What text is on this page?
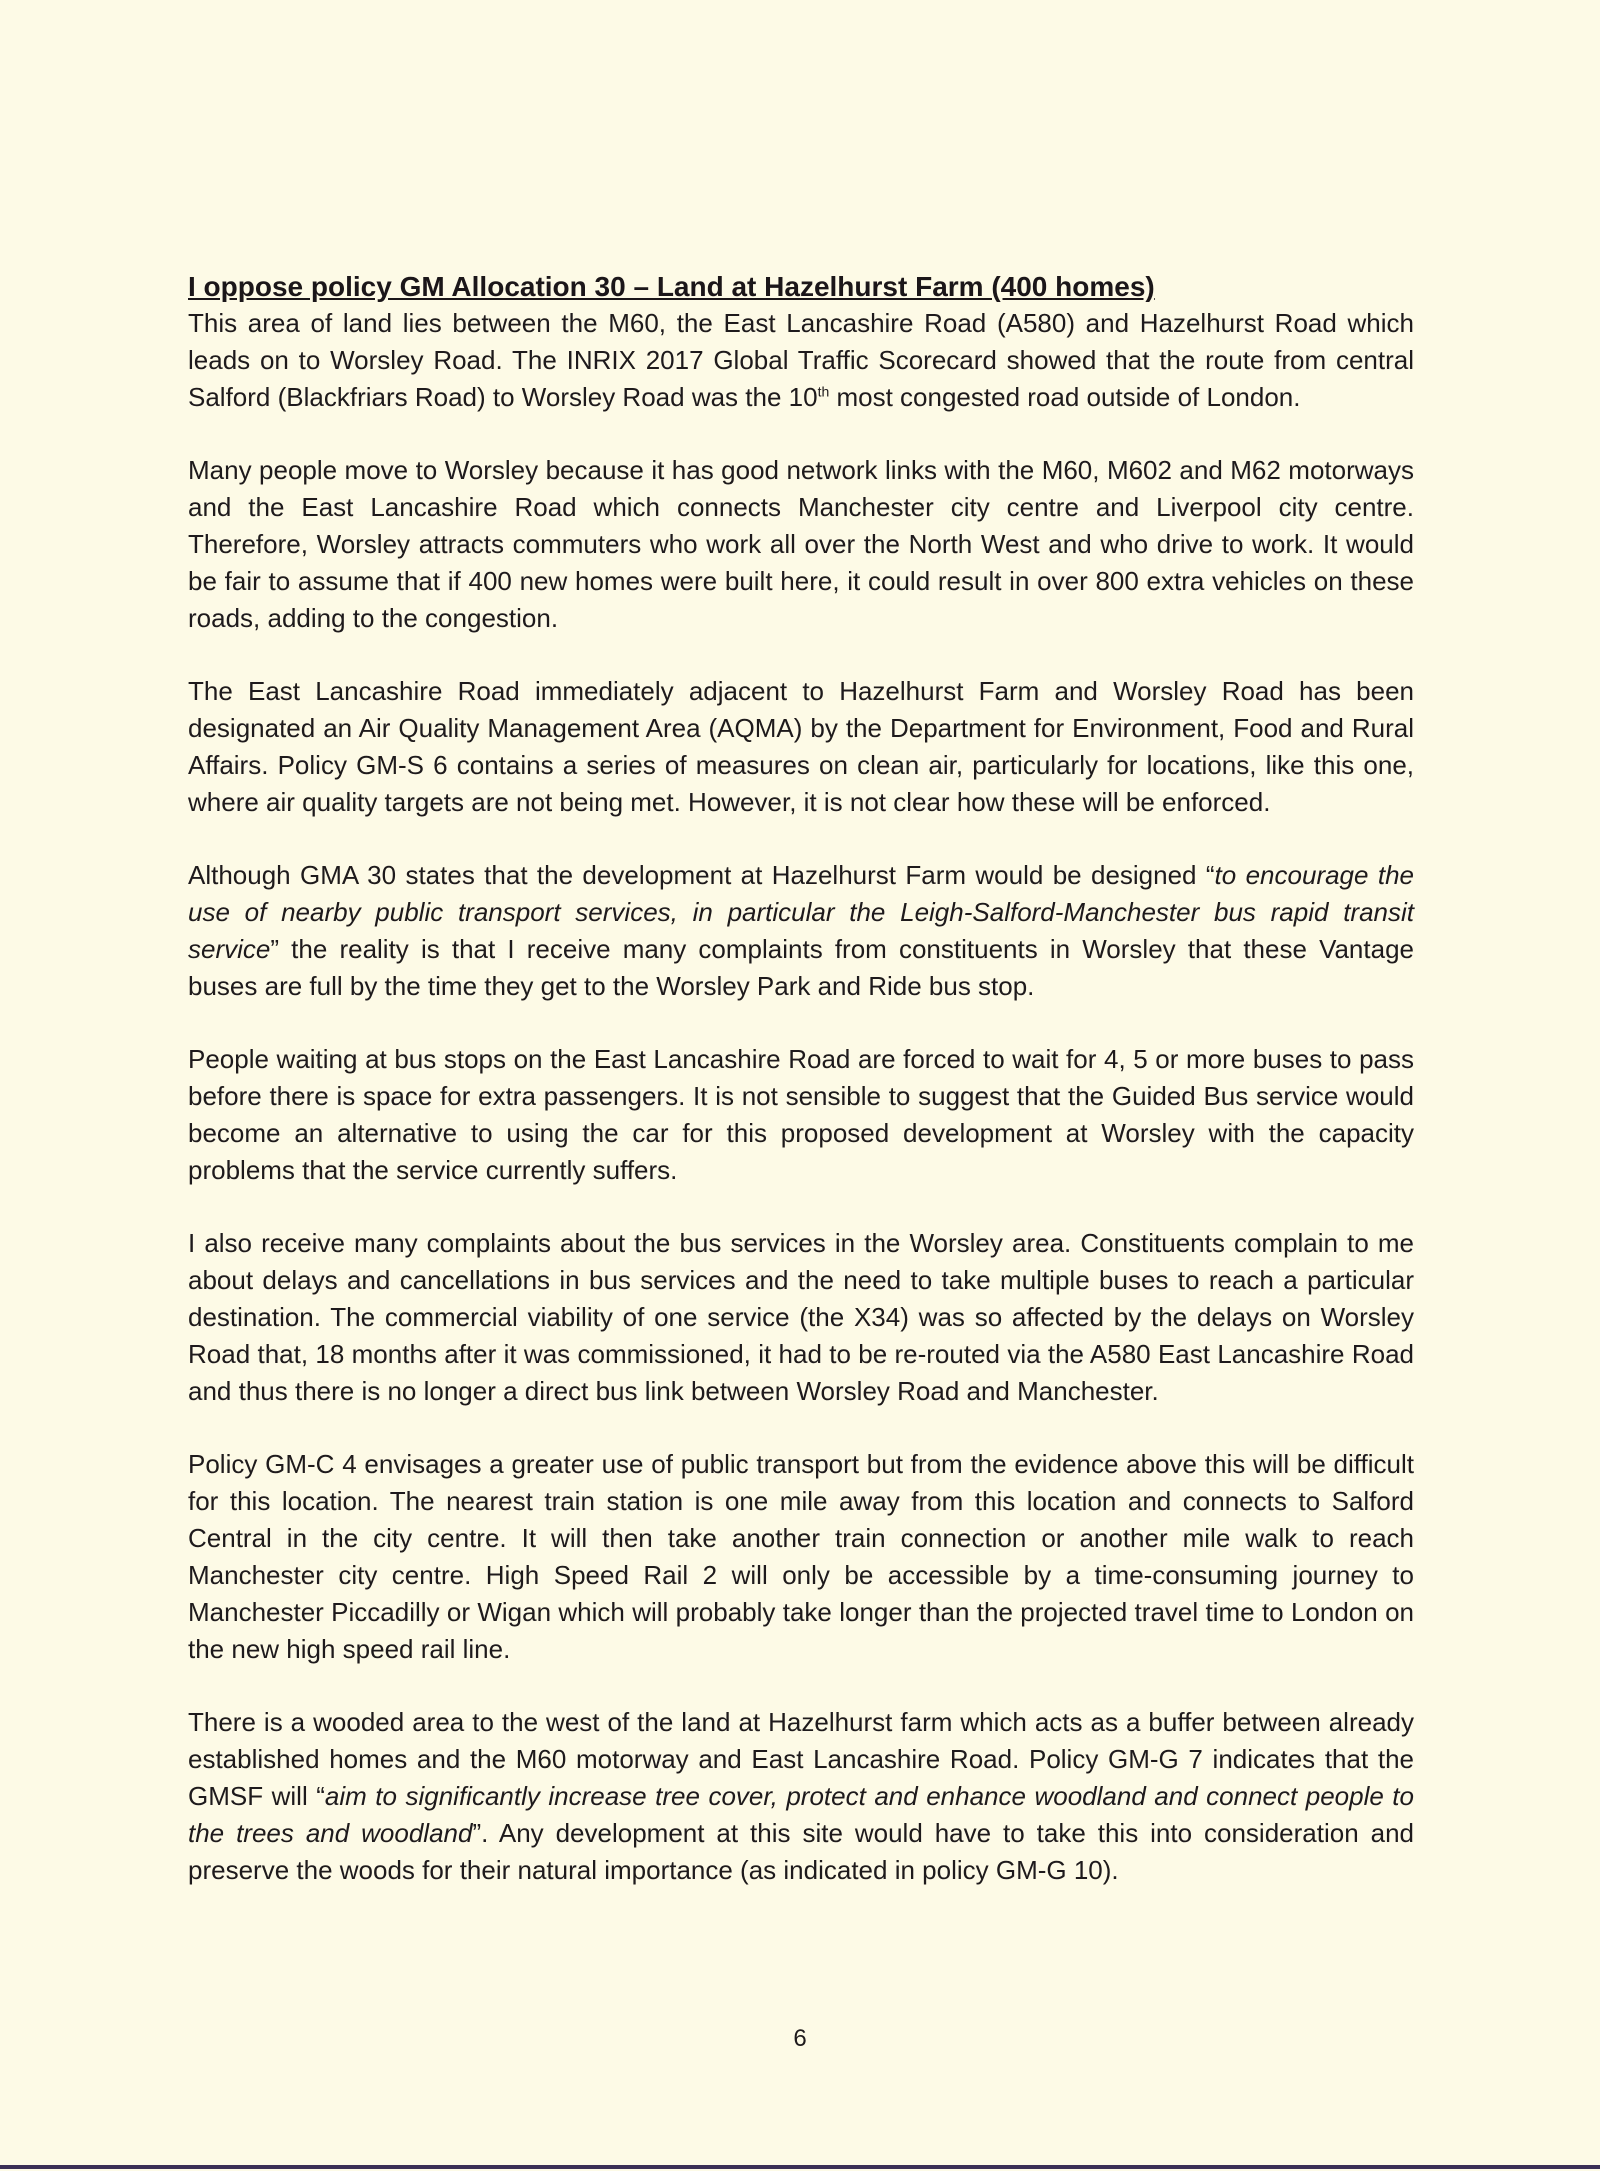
I oppose policy GM Allocation 30 – Land at Hazelhurst Farm (400 homes)

This area of land lies between the M60, the East Lancashire Road (A580) and Hazelhurst Road which leads on to Worsley Road. The INRIX 2017 Global Traffic Scorecard showed that the route from central Salford (Blackfriars Road) to Worsley Road was the 10th most congested road outside of London.

Many people move to Worsley because it has good network links with the M60, M602 and M62 motorways and the East Lancashire Road which connects Manchester city centre and Liverpool city centre. Therefore, Worsley attracts commuters who work all over the North West and who drive to work. It would be fair to assume that if 400 new homes were built here, it could result in over 800 extra vehicles on these roads, adding to the congestion.

The East Lancashire Road immediately adjacent to Hazelhurst Farm and Worsley Road has been designated an Air Quality Management Area (AQMA) by the Department for Environment, Food and Rural Affairs. Policy GM-S 6 contains a series of measures on clean air, particularly for locations, like this one, where air quality targets are not being met. However, it is not clear how these will be enforced.

Although GMA 30 states that the development at Hazelhurst Farm would be designed “to encourage the use of nearby public transport services, in particular the Leigh-Salford-Manchester bus rapid transit service” the reality is that I receive many complaints from constituents in Worsley that these Vantage buses are full by the time they get to the Worsley Park and Ride bus stop.

People waiting at bus stops on the East Lancashire Road are forced to wait for 4, 5 or more buses to pass before there is space for extra passengers. It is not sensible to suggest that the Guided Bus service would become an alternative to using the car for this proposed development at Worsley with the capacity problems that the service currently suffers.

I also receive many complaints about the bus services in the Worsley area. Constituents complain to me about delays and cancellations in bus services and the need to take multiple buses to reach a particular destination. The commercial viability of one service (the X34) was so affected by the delays on Worsley Road that, 18 months after it was commissioned, it had to be re-routed via the A580 East Lancashire Road and thus there is no longer a direct bus link between Worsley Road and Manchester.

Policy GM-C 4 envisages a greater use of public transport but from the evidence above this will be difficult for this location. The nearest train station is one mile away from this location and connects to Salford Central in the city centre. It will then take another train connection or another mile walk to reach Manchester city centre. High Speed Rail 2 will only be accessible by a time-consuming journey to Manchester Piccadilly or Wigan which will probably take longer than the projected travel time to London on the new high speed rail line.

There is a wooded area to the west of the land at Hazelhurst farm which acts as a buffer between already established homes and the M60 motorway and East Lancashire Road. Policy GM-G 7 indicates that the GMSF will “aim to significantly increase tree cover, protect and enhance woodland and connect people to the trees and woodland”. Any development at this site would have to take this into consideration and preserve the woods for their natural importance (as indicated in policy GM-G 10).

6
